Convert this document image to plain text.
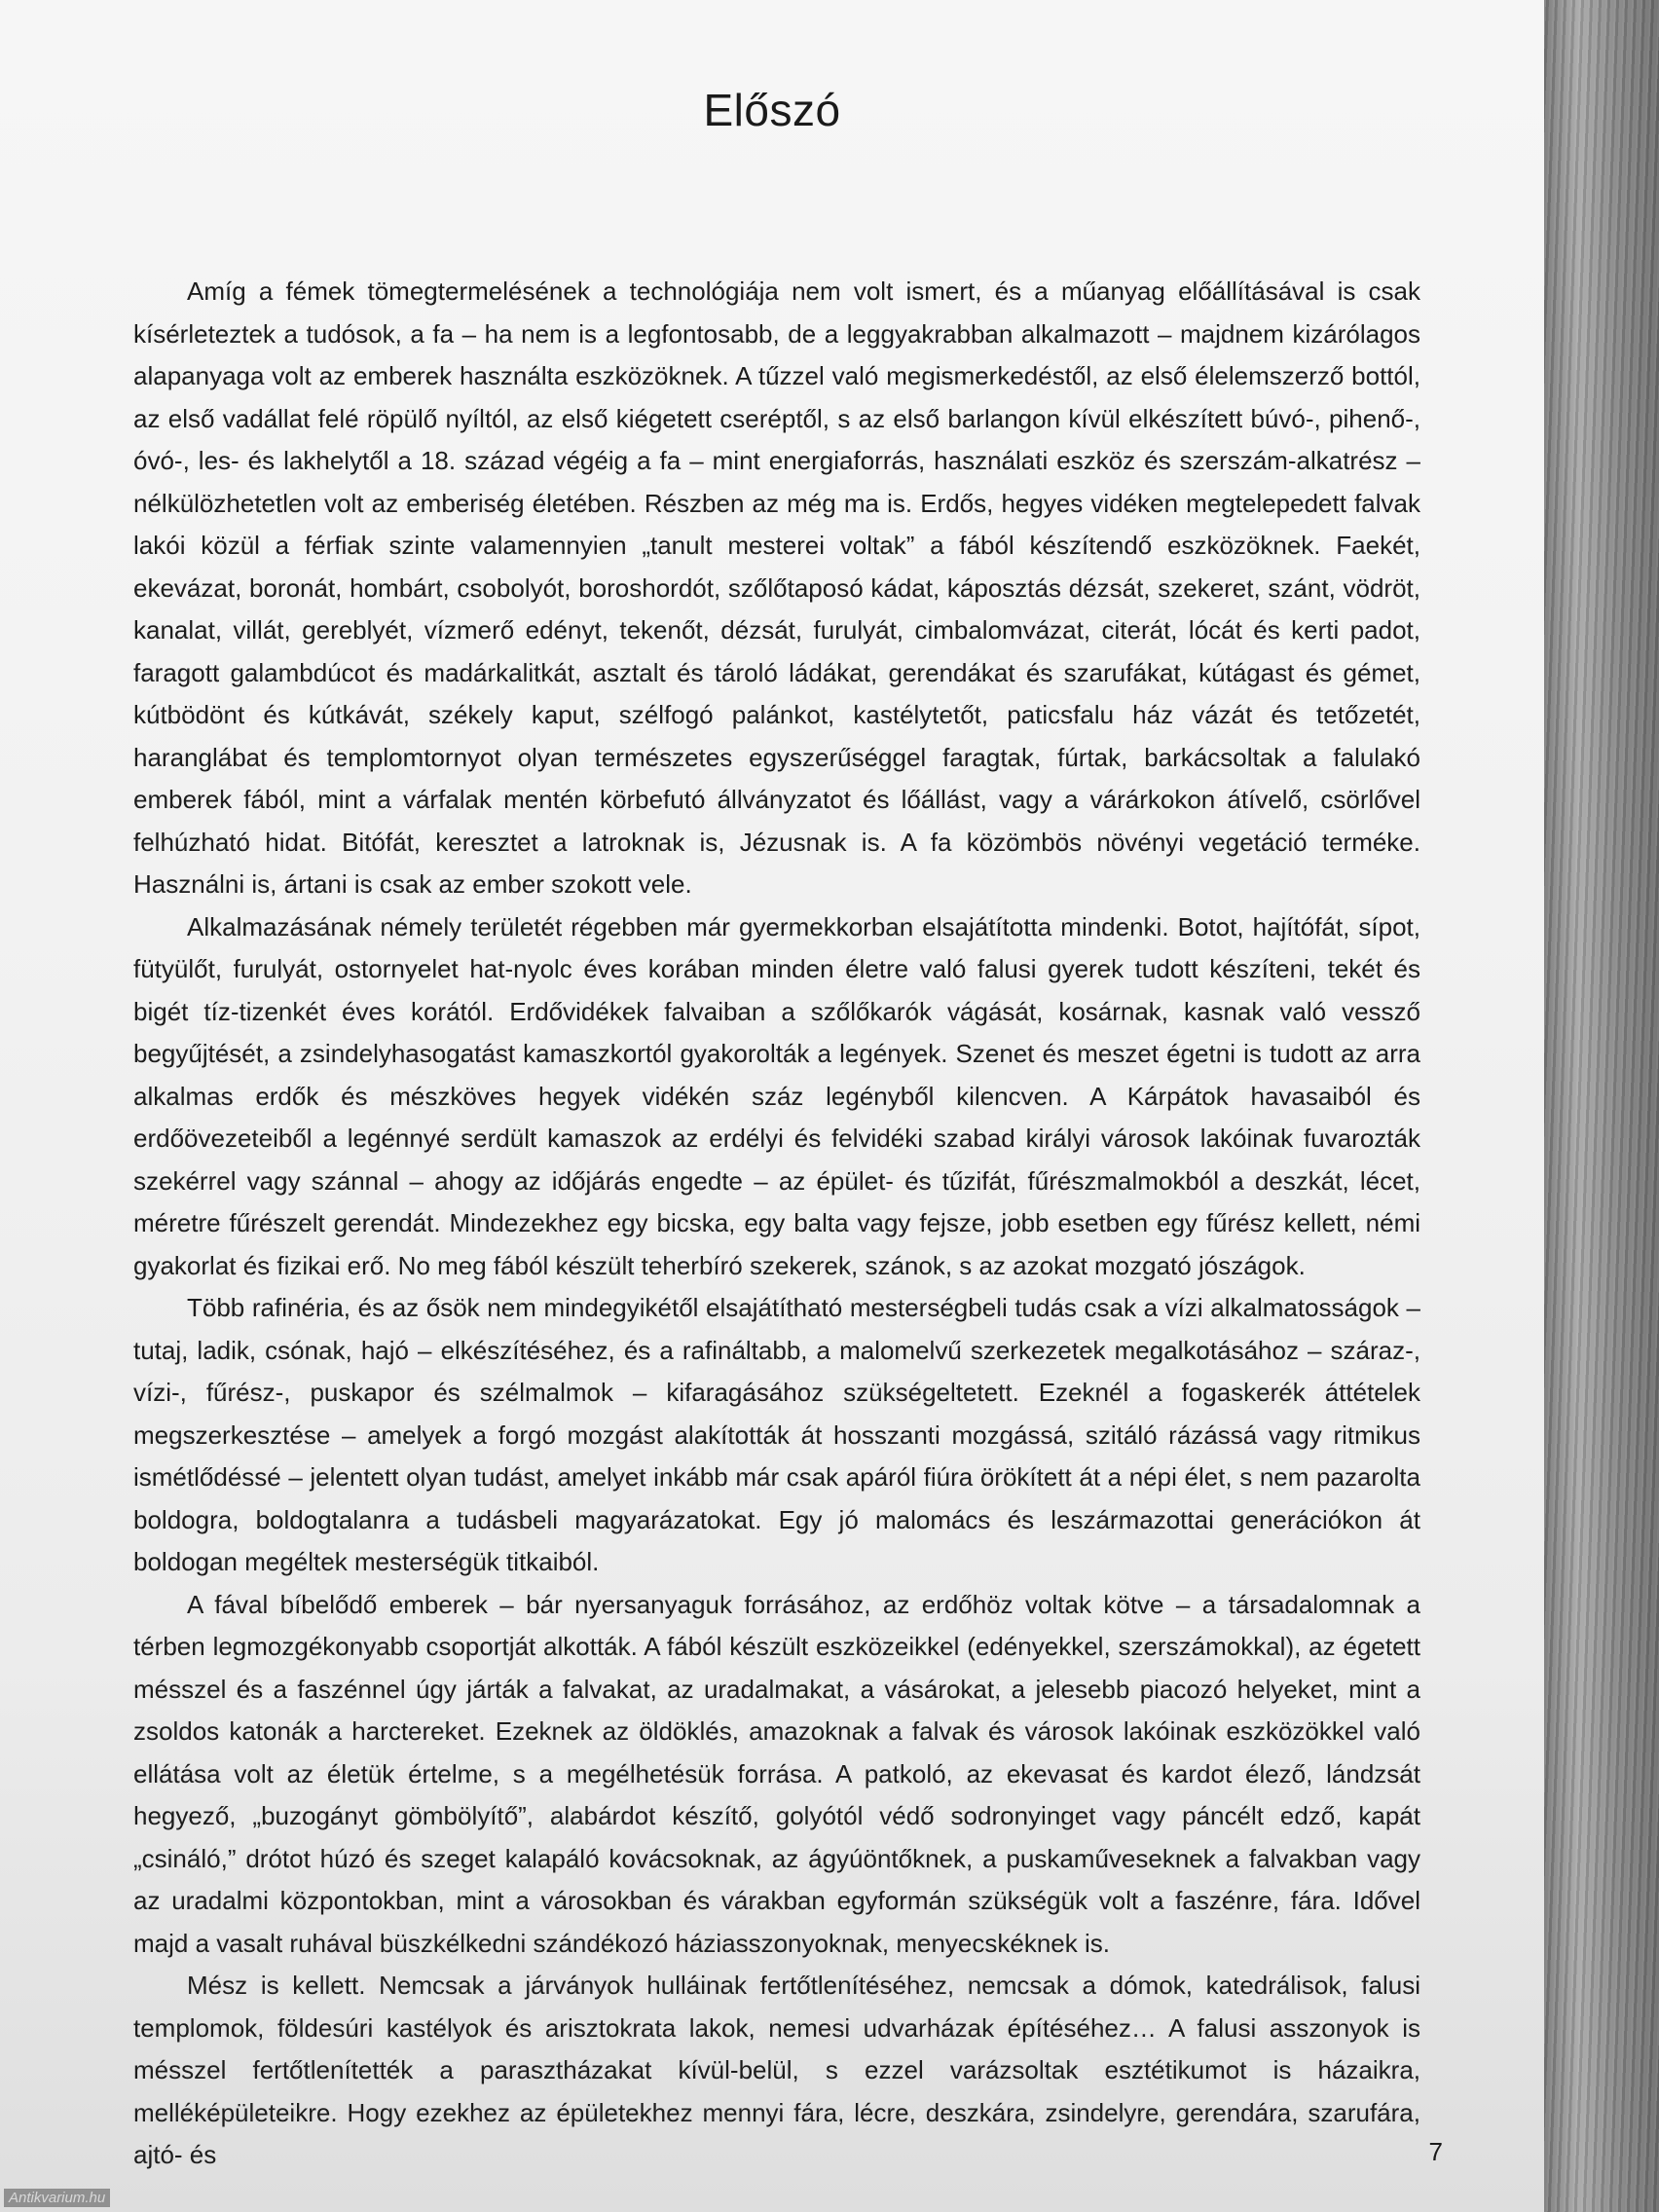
Előszó

Amíg a fémek tömegtermelésének a technológiája nem volt ismert, és a műanyag előállításával is csak kísérleteztek a tudósok, a fa – ha nem is a legfontosabb, de a leggyakrabban alkalmazott – majdnem kizárólagos alapanyaga volt az emberek használta eszközöknek. A tűzzel való megismerkedéstől, az első élelemszerző bottól, az első vadállat felé röpülő nyíltól, az első kiégetett cseréptől, s az első barlangon kívül elkészített búvó-, pihenő-, óvó-, les- és lakhelytől a 18. század végéig a fa – mint energiaforrás, használati eszköz és szerszám-alkatrész – nélkülözhetetlen volt az emberiség életében. Részben az még ma is. Erdős, hegyes vidéken megtelepedett falvak lakói közül a férfiak szinte valamennyien „tanult mesterei voltak” a fából készítendő eszközöknek. Faekét, ekevázat, boronát, hombárt, csobolyót, boroshordót, szőlőtaposó kádat, káposztás dézsát, szekeret, szánt, vödröt, kanalat, villát, gereblyét, vízmerő edényt, tekenőt, dézsát, furulyát, cimbalomvázat, citerát, lócát és kerti padot, faragott galambdúcot és madárkalitkát, asztalt és tároló ládákat, gerendákat és szarufákat, kútágast és gémet, kútbödönt és kútkávát, székely kaput, szélfogó palánkot, kastélytetőt, paticsfalu ház vázát és tetőzetét, haranglábat és templomtornyot olyan természetes egyszerűséggel faragtak, fúrtak, barkácsoltak a falulakó emberek fából, mint a várfalak mentén körbefutó állványzatot és lőállást, vagy a várárkokon átívelő, csörlővel felhúzható hidat. Bitófát, keresztet a latroknak is, Jézusnak is. A fa közömbös növényi vegetáció terméke. Használni is, ártani is csak az ember szokott vele.

Alkalmazásának némely területét régebben már gyermekkorban elsajátította mindenki. Botot, hajítófát, sípot, fütyülőt, furulyát, ostornyelet hat-nyolc éves korában minden életre való falusi gyerek tudott készíteni, tekét és bigét tíz-tizenkét éves korától. Erdővidékek falvaiban a szőlőkarók vágását, kosárnak, kasnak való vessző begyűjtését, a zsindelyhasogatást kamaszkortól gyakorolták a legények. Szenet és meszet égetni is tudott az arra alkalmas erdők és mészköves hegyek vidékén száz legényből kilencven. A Kárpátok havasaiból és erdőövezeteiből a legénnyé serdült kamaszok az erdélyi és felvidéki szabad királyi városok lakóinak fuvarozták szekérrel vagy szánnal – ahogy az időjárás engedte – az épület- és tűzifát, fűrészmalmokból a deszkát, lécet, méretre fűrészelt gerendát. Mindezekhez egy bicska, egy balta vagy fejsze, jobb esetben egy fűrész kellett, némi gyakorlat és fizikai erő. No meg fából készült teherbíró szekerek, szánok, s az azokat mozgató jószágok.

Több rafinéria, és az ősök nem mindegyikétől elsajátítható mesterségbeli tudás csak a vízi alkalmatosságok – tutaj, ladik, csónak, hajó – elkészítéséhez, és a rafináltabb, a malomelvű szerkezetek megalkotásához – száraz-, vízi-, fűrész-, puskapor és szélmalmok – kifaragásához szükségeltetett. Ezeknél a fogaskerék áttételek megszerkesztése – amelyek a forgó mozgást alakították át hosszanti mozgássá, szitáló rázássá vagy ritmikus ismétlődéssé – jelentett olyan tudást, amelyet inkább már csak apáról fiúra örökített át a népi élet, s nem pazarolta boldogra, boldogtalanra a tudásbeli magyarázatokat. Egy jó malomács és leszármazottai generációkon át boldogan megéltek mesterségük titkaiból.

A fával bíbelődő emberek – bár nyersanyaguk forrásához, az erdőhöz voltak kötve – a társadalomnak a térben legmozgékonyabb csoportját alkották. A fából készült eszközeikkel (edényekkel, szerszámokkal), az égetett mésszel és a faszénnel úgy járták a falvakat, az uradalmakat, a vásárokat, a jelesebb piacozó helyeket, mint a zsoldos katonák a harctereket. Ezeknek az öldöklés, amazoknak a falvak és városok lakóinak eszközökkel való ellátása volt az életük értelme, s a megélhetésük forrása. A patkoló, az ekevasat és kardot élező, lándzsát hegyező, „buzogányt gömbölyítő”, alabárdot készítő, golyótól védő sodronyinget vagy páncélt edző, kapát „csináló,” drótot húzó és szeget kalapáló kovácsoknak, az ágyúöntőknek, a puskaműveseknek a falvakban vagy az uradalmi központokban, mint a városokban és várakban egyformán szükségük volt a faszénre, fára. Idővel majd a vasalt ruhával büszkélkedni szándékozó háziasszonyoknak, menyecskéknek is.

Mész is kellett. Nemcsak a járványok hulláinak fertőtlenítéséhez, nemcsak a dómok, katedrálisok, falusi templomok, földesúri kastélyok és arisztokrata lakok, nemesi udvarházak építéséhez… A falusi asszonyok is mésszel fertőtlenítették a parasztházakat kívül-belül, s ezzel varázsoltak esztétikumot is házaikra, melléképületeikre. Hogy ezekhez az épületekhez mennyi fára, lécre, deszkára, zsindelyre, gerendára, szarufára, ajtó- és	7
Antikvarium.hu
